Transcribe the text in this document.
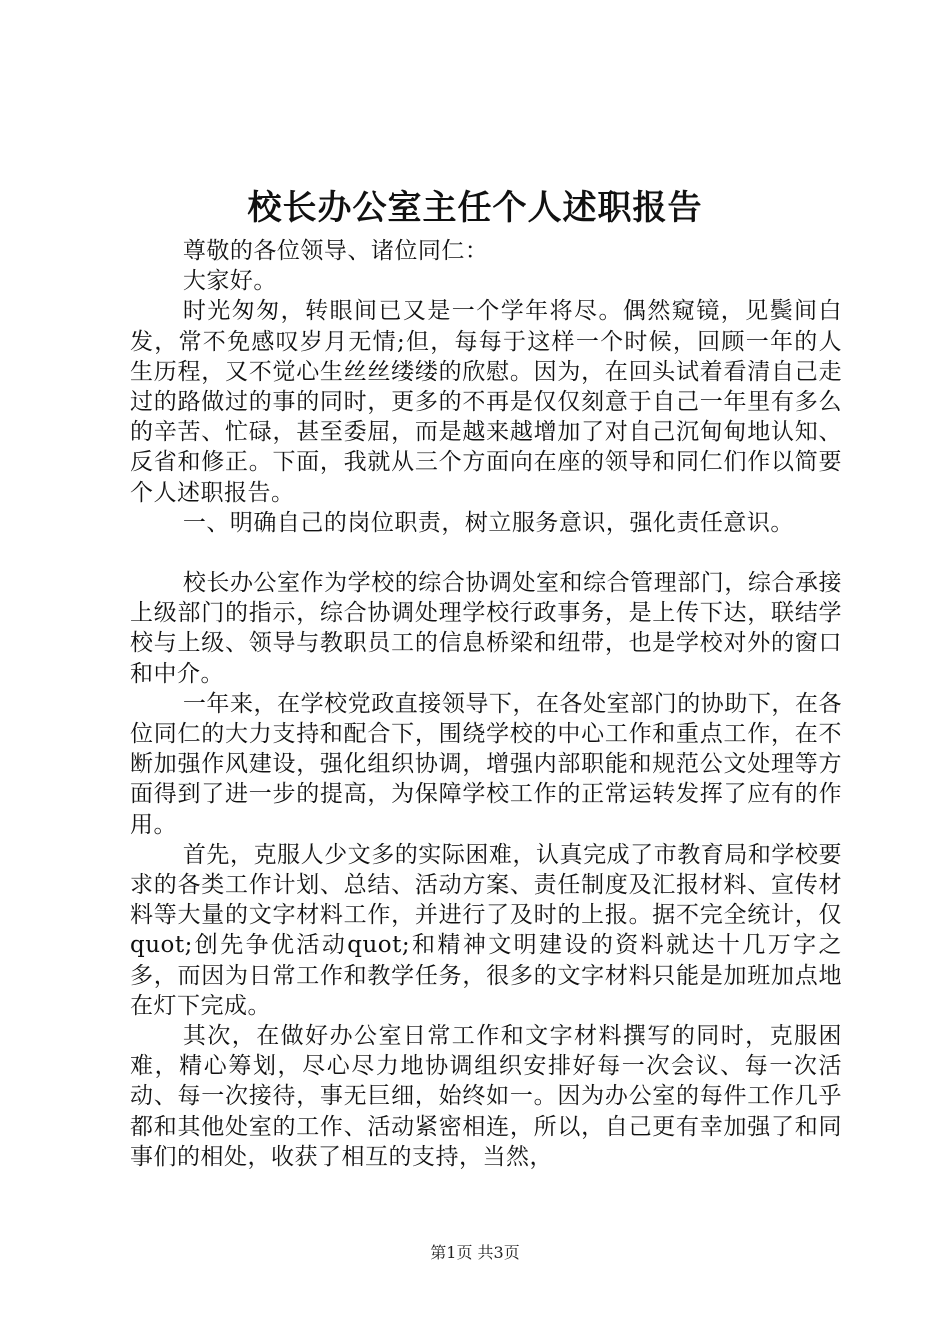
校长办公室主任个人述职报告

尊敬的各位领导、诸位同仁：

大家好。

时光匆匆，转眼间已又是一个学年将尽。偶然窥镜，见鬓间白发，常不免感叹岁月无情;但，每每于这样一个时候，回顾一年的人生历程，又不觉心生丝丝缕缕的欣慰。因为，在回头试着看清自己走过的路做过的事的同时，更多的不再是仅仅刻意于自己一年里有多么的辛苦、忙碌，甚至委屈，而是越来越增加了对自己沉甸甸地认知、反省和修正。下面，我就从三个方面向在座的领导和同仁们作以简要个人述职报告。

一、明确自己的岗位职责，树立服务意识，强化责任意识。

校长办公室作为学校的综合协调处室和综合管理部门，综合承接上级部门的指示，综合协调处理学校行政事务，是上传下达，联结学校与上级、领导与教职员工的信息桥梁和纽带，也是学校对外的窗口和中介。

一年来，在学校党政直接领导下，在各处室部门的协助下，在各位同仁的大力支持和配合下，围绕学校的中心工作和重点工作，在不断加强作风建设，强化组织协调，增强内部职能和规范公文处理等方面得到了进一步的提高，为保障学校工作的正常运转发挥了应有的作用。

首先，克服人少文多的实际困难，认真完成了市教育局和学校要求的各类工作计划、总结、活动方案、责任制度及汇报材料、宣传材料等大量的文字材料工作，并进行了及时的上报。据不完全统计，仅quot;创先争优活动quot;和精神文明建设的资料就达十几万字之多，而因为日常工作和教学任务，很多的文字材料只能是加班加点地在灯下完成。

其次，在做好办公室日常工作和文字材料撰写的同时，克服困难，精心筹划，尽心尽力地协调组织安排好每一次会议、每一次活动、每一次接待，事无巨细，始终如一。因为办公室的每件工作几乎都和其他处室的工作、活动紧密相连，所以，自己更有幸加强了和同事们的相处，收获了相互的支持，当然，

第1页 共3页
